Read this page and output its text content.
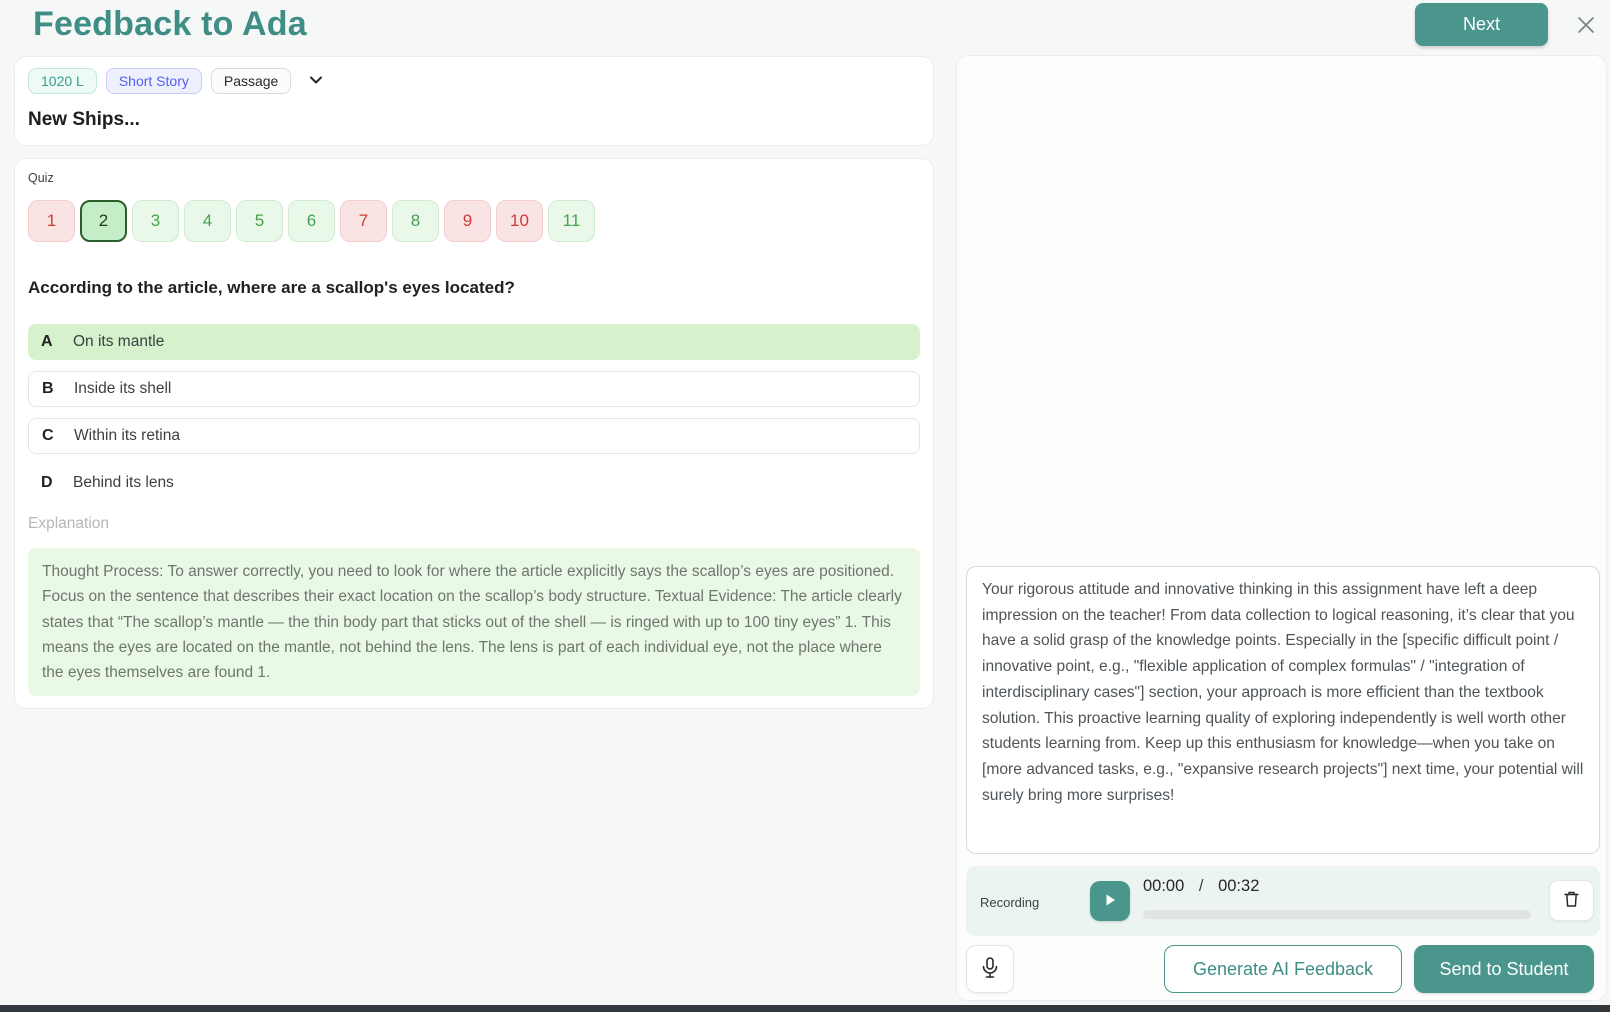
Feedback to Ada	Next
1020 L	Short Story	Passage
New Ships...
Quiz
1	2	3	4	5	6	7	8	9	10	11
According to the article, where are a scallop's eyes located?
A On its mantle
B Inside its shell
C Within its retina
D Behind its lens
Explanation
Thought Process: To answer correctly, you need to look for where the article explicitly says the scallop’s eyes are positioned. Focus on the sentence that describes their exact location on the scallop’s body structure. Textual Evidence: The article clearly states that “The scallop’s mantle — the thin body part that sticks out of the shell — is ringed with up to 100 tiny eyes” 1. This means the eyes are located on the mantle, not behind the lens. The lens is part of each individual eye, not the place where the eyes themselves are found 1.
Your rigorous attitude and innovative thinking in this assignment have left a deep impression on the teacher! From data collection to logical reasoning, it’s clear that you have a solid grasp of the knowledge points. Especially in the [specific difficult point / innovative point, e.g., "flexible application of complex formulas" / "integration of interdisciplinary cases"] section, your approach is more efficient than the textbook solution. This proactive learning quality of exploring independently is well worth other students learning from. Keep up this enthusiasm for knowledge—when you take on [more advanced tasks, e.g., "expansive research projects"] next time, your potential will surely bring more surprises!
Recording
00:00 / 00:32
Generate AI Feedback	Send to Student
